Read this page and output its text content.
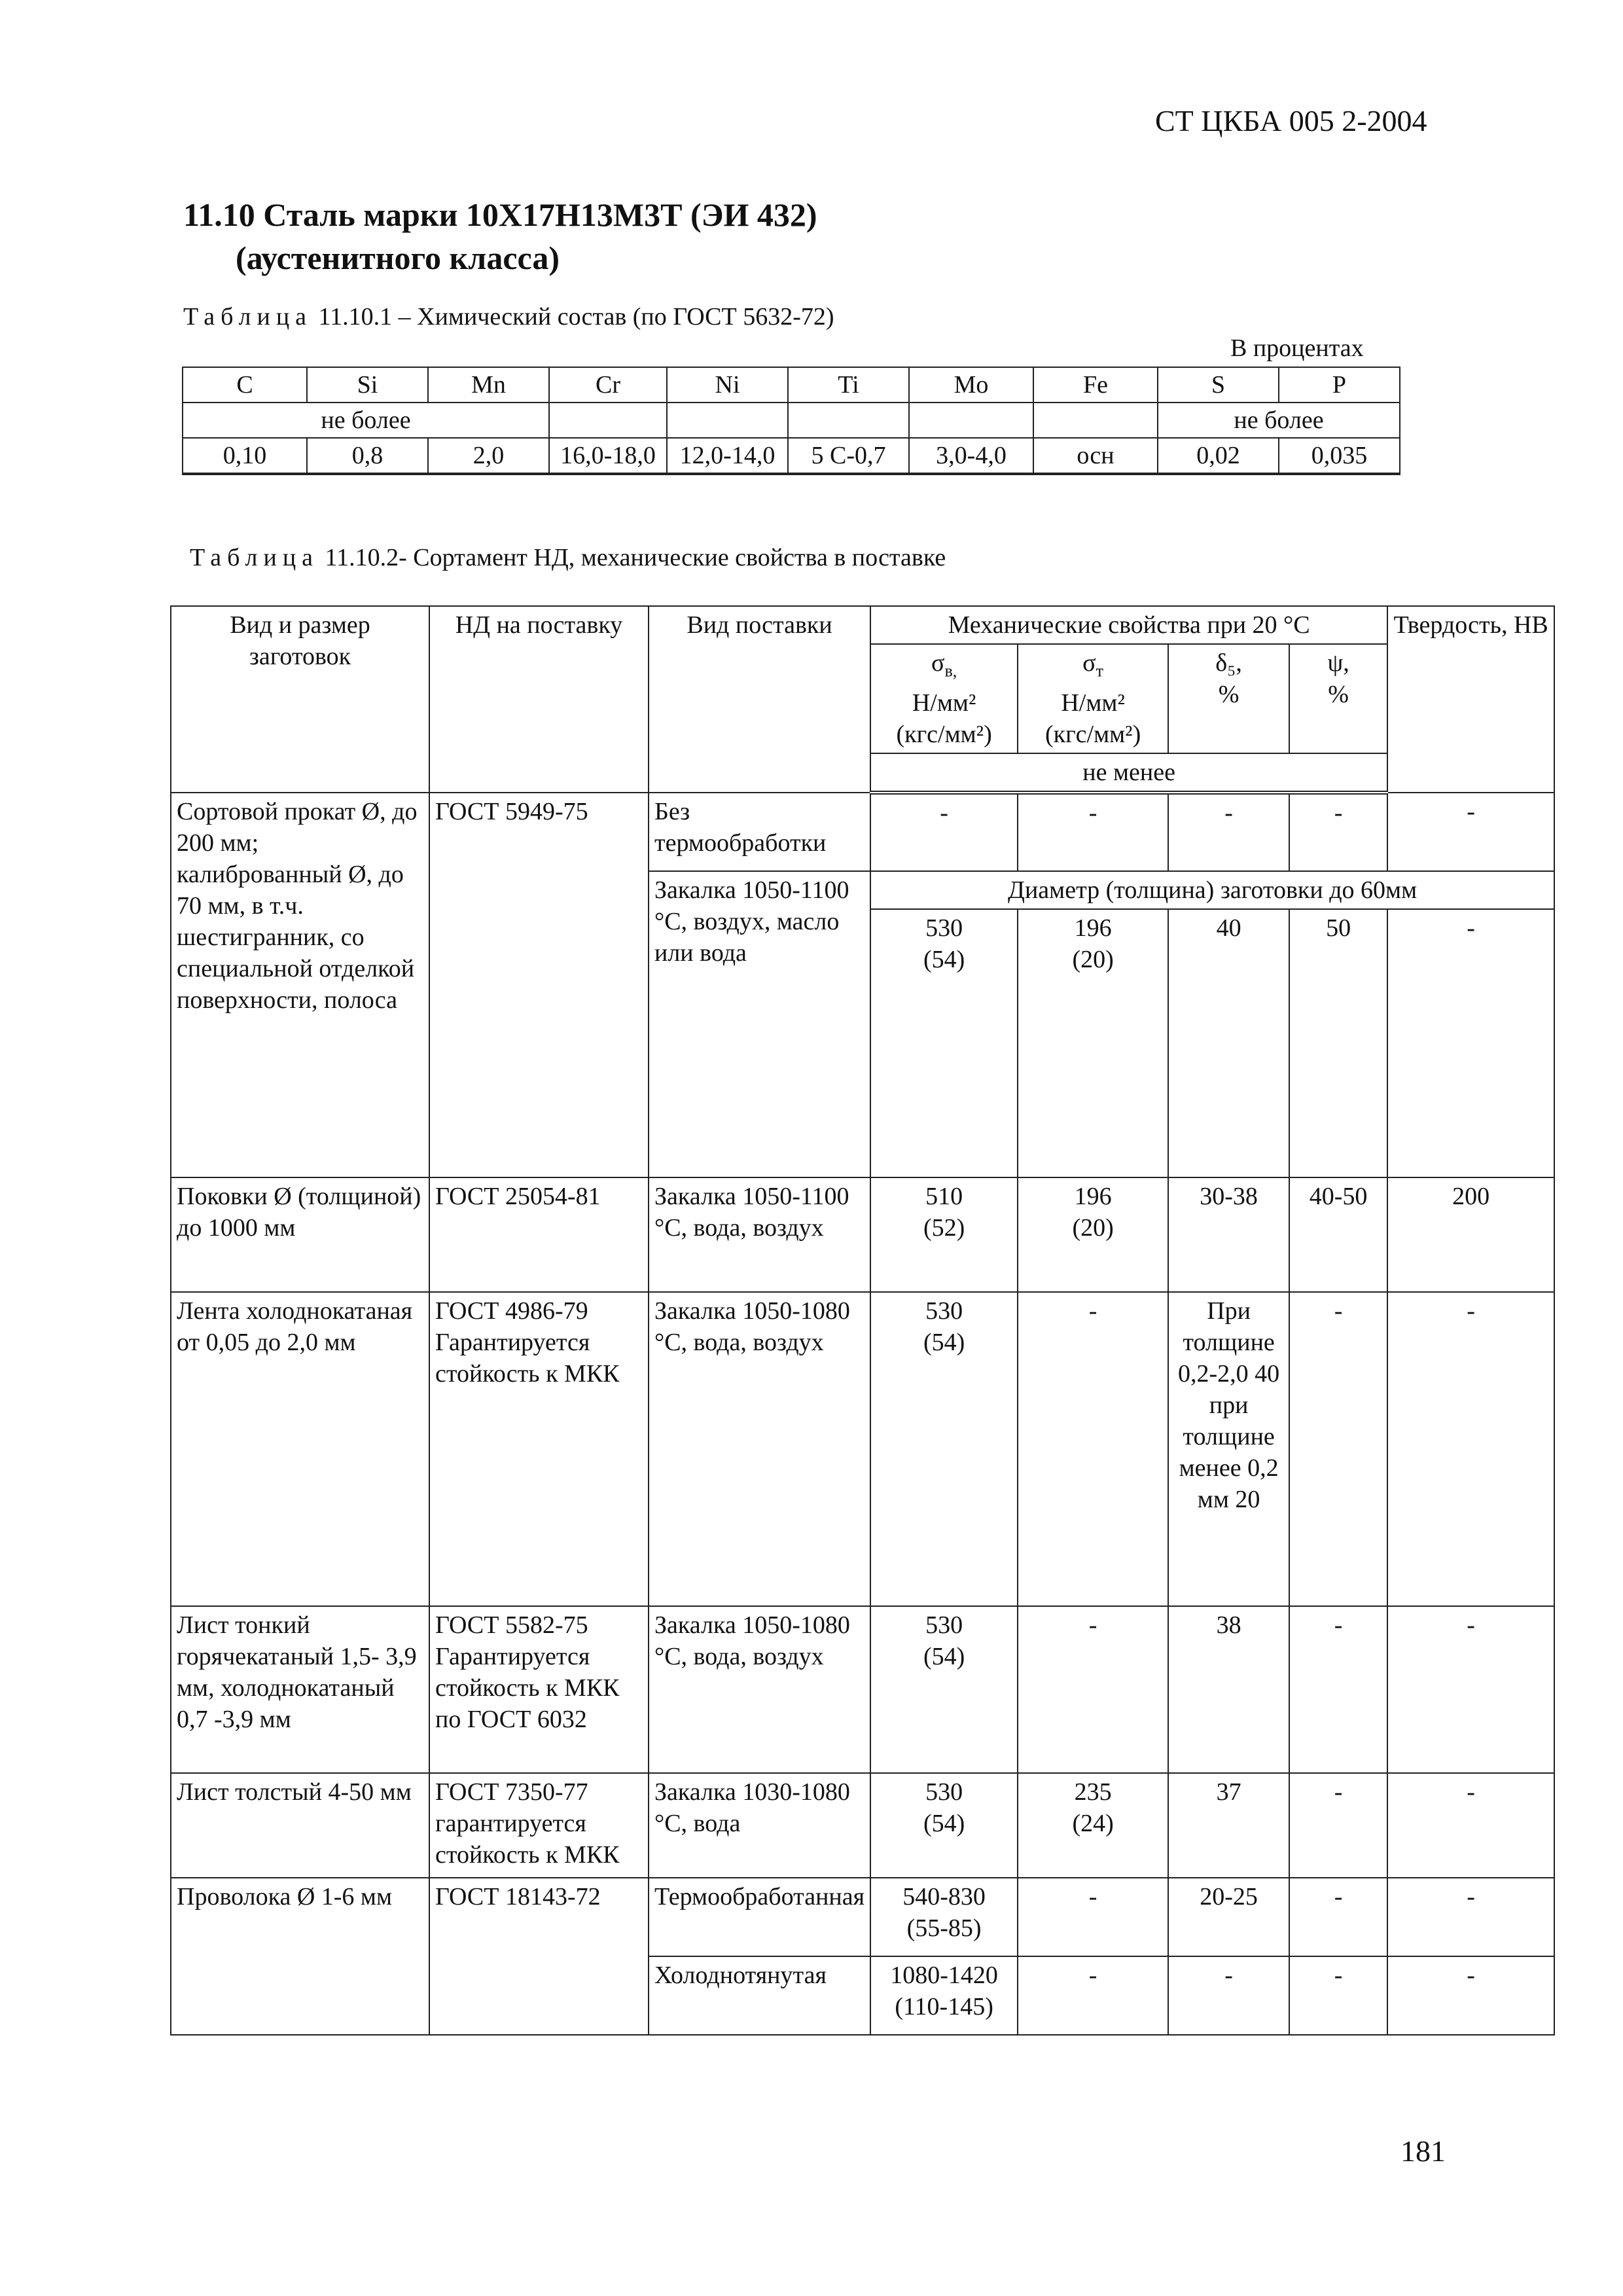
СТ ЦКБА 005 2-2004
11.10 Сталь марки 10Х17Н13М3Т (ЭИ 432)
(аустенитного класса)
Таблица 11.10.1 – Химический состав (по ГОСТ 5632-72)
В процентах
C	Si	Mn	Cr	Ni	Ti	Mo	Fe	S	P
не более								не более	
0,10	0,8	2,0	16,0-18,0	12,0-14,0	5 С-0,7	3,0-4,0	осн	0,02	0,035
Таблица 11.10.2- Сортамент НД, механические свойства в поставке
Вид и размер заготовок	НД на поставку	Вид поставки	Механические свойства при 20 °С				Твердость, НВ
			$\sigma_{в,}$
Н/мм²
(кгс/мм²)	$\sigma_т$
Н/мм²
(кгс/мм²)	δ₅,
%	ψ,
%	
			не менее				
Сортовой прокат Ø, до 200 мм; калиброванный Ø, до 70 мм, в т.ч. шестигранник, со специальной отделкой поверхности, полоса	ГОСТ 5949-75	Без термообработки	-	-	-	-	-
		Закалка 1050-1100 °С, воздух, масло или вода	Диаметр (толщина) заготовки до 60мм				
			530
(54)	196
(20)	40	50	-
Поковки Ø (толщиной) до 1000 мм	ГОСТ 25054-81	Закалка 1050-1100 °С, вода, воздух	510
(52)	196
(20)	30-38	40-50	200
Лента холоднокатаная от 0,05 до 2,0 мм	ГОСТ 4986-79 Гарантируется стойкость к МКК	Закалка 1050-1080 °С, вода, воздух	530
(54)	-	При толщине 0,2-2,0 40 при толщине менее 0,2 мм 20	-	-
Лист тонкий горячекатаный 1,5- 3,9 мм, холоднокатаный 0,7 -3,9 мм	ГОСТ 5582-75 Гарантируется стойкость к МКК по ГОСТ 6032	Закалка 1050-1080 °С, вода, воздух	530
(54)	-	38	-	-
Лист толстый 4-50 мм	ГОСТ 7350-77 гарантируется стойкость к МКК	Закалка 1030-1080 °С, вода	530
(54)	235
(24)	37	-	-
Проволока Ø 1-6 мм	ГОСТ 18143-72	Термообработанная	540-830
(55-85)	-	20-25	-	-
		Холоднотянутая	1080-1420
(110-145)	-	-	-	-
181
